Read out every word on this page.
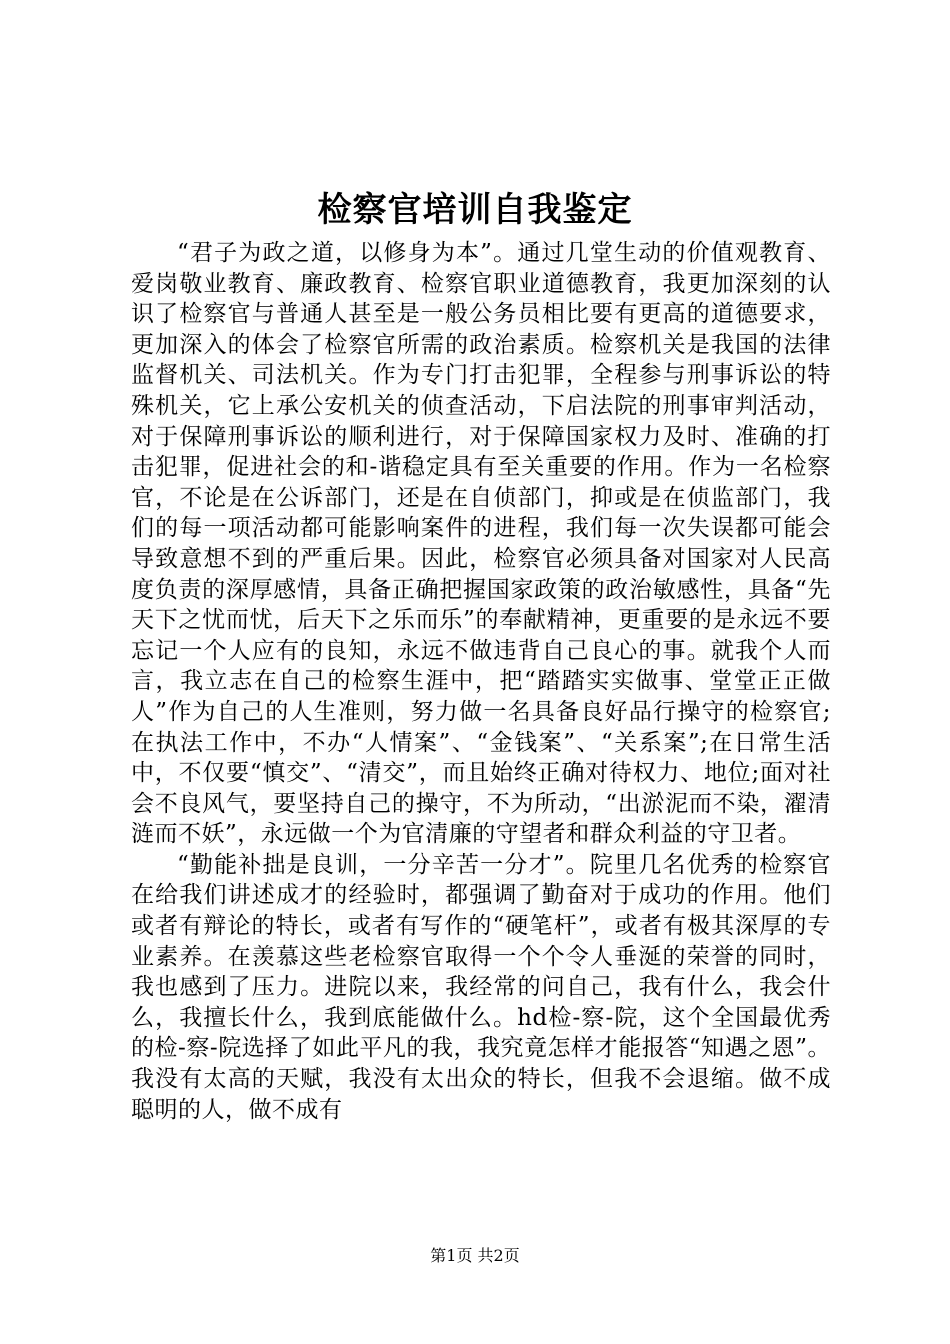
检察官培训自我鉴定

“君子为政之道，以修身为本”。通过几堂生动的价值观教育、爱岗敬业教育、廉政教育、检察官职业道德教育，我更加深刻的认识了检察官与普通人甚至是一般公务员相比要有更高的道德要求，更加深入的体会了检察官所需的政治素质。检察机关是我国的法律监督机关、司法机关。作为专门打击犯罪，全程参与刑事诉讼的特殊机关，它上承公安机关的侦查活动，下启法院的刑事审判活动，对于保障刑事诉讼的顺利进行，对于保障国家权力及时、准确的打击犯罪，促进社会的和-谐稳定具有至关重要的作用。作为一名检察官，不论是在公诉部门，还是在自侦部门，抑或是在侦监部门，我们的每一项活动都可能影响案件的进程，我们每一次失误都可能会导致意想不到的严重后果。因此，检察官必须具备对国家对人民高度负责的深厚感情，具备正确把握国家政策的政治敏感性，具备“先天下之忧而忧，后天下之乐而乐”的奉献精神，更重要的是永远不要忘记一个人应有的良知，永远不做违背自己良心的事。就我个人而言，我立志在自己的检察生涯中，把“踏踏实实做事、堂堂正正做人”作为自己的人生准则，努力做一名具备良好品行操守的检察官;在执法工作中，不办“人情案”、“金钱案”、“关系案”;在日常生活中，不仅要“慎交”、“清交”，而且始终正确对待权力、地位;面对社会不良风气，要坚持自己的操守，不为所动，“出淤泥而不染，濯清涟而不妖”，永远做一个为官清廉的守望者和群众利益的守卫者。

“勤能补拙是良训，一分辛苦一分才”。院里几名优秀的检察官在给我们讲述成才的经验时，都强调了勤奋对于成功的作用。他们或者有辩论的特长，或者有写作的“硬笔杆”，或者有极其深厚的专业素养。在羡慕这些老检察官取得一个个令人垂涎的荣誉的同时，我也感到了压力。进院以来，我经常的问自己，我有什么，我会什么，我擅长什么，我到底能做什么。hd检-察-院，这个全国最优秀的检-察-院选择了如此平凡的我，我究竟怎样才能报答“知遇之恩”。我没有太高的天赋，我没有太出众的特长，但我不会退缩。做不成聪明的人，做不成有

第1页 共2页
